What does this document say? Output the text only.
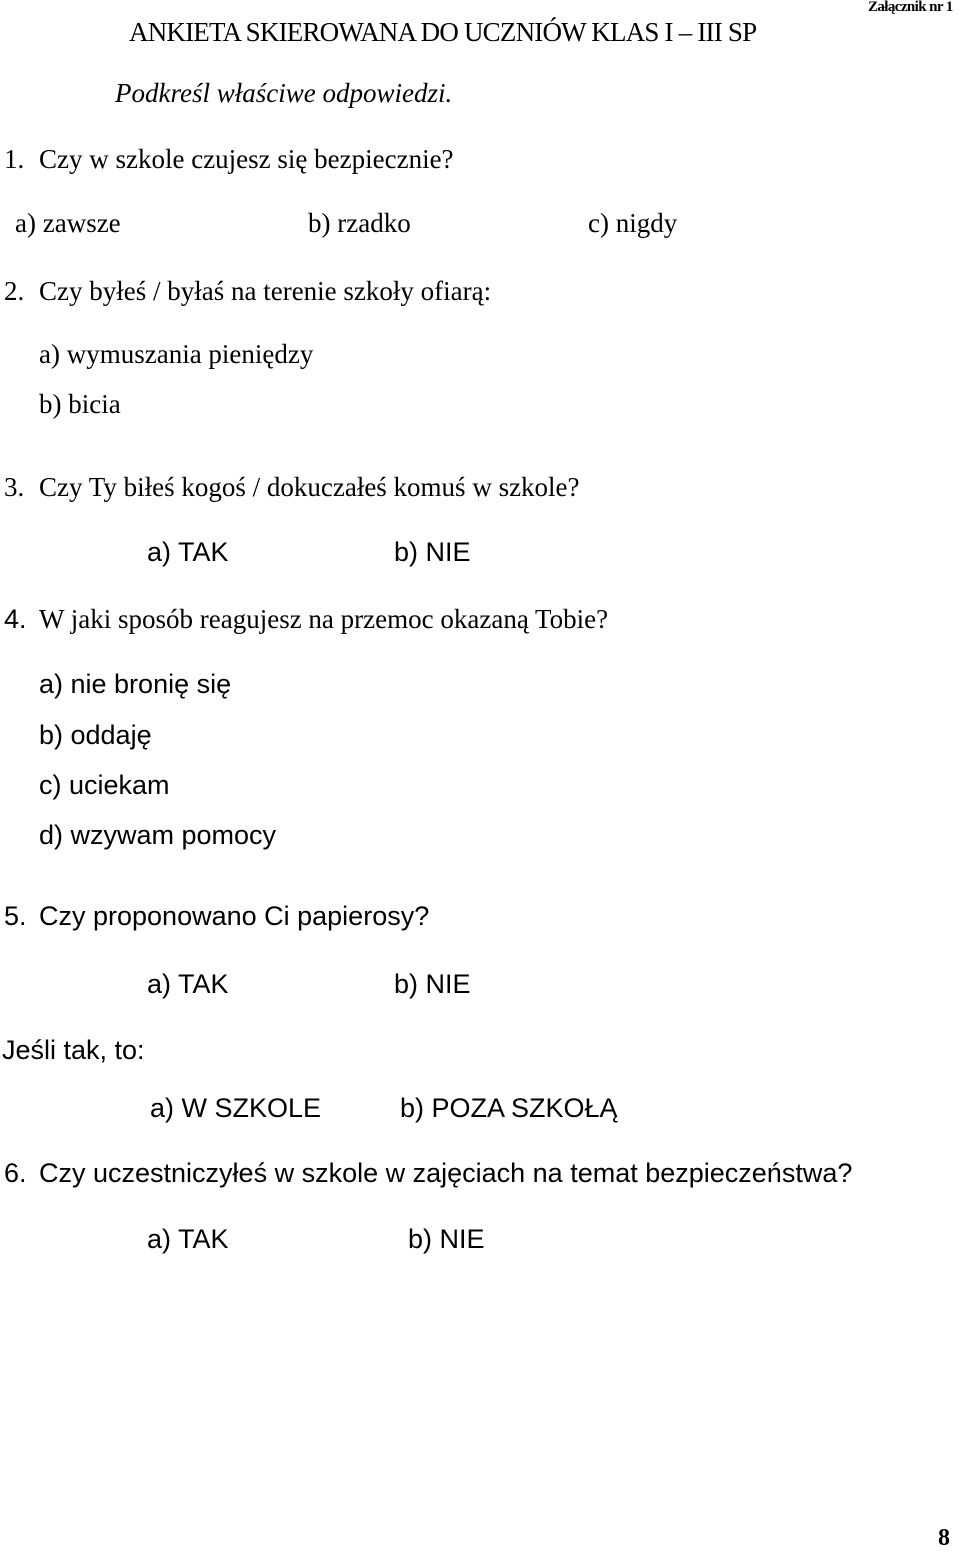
Załącznik nr 1
ANKIETA SKIEROWANA DO UCZNIÓW KLAS I – III SP
Podkreśl właściwe odpowiedzi.
1. Czy w szkole czujesz się bezpiecznie?
a) zawsze	b) rzadko	c) nigdy
2. Czy byłeś / byłaś na terenie szkoły ofiarą:
a) wymuszania pieniędzy
b) bicia
3. Czy Ty biłeś kogoś / dokuczałeś komuś w szkole?
a) TAK	b) NIE
4. W jaki sposób reagujesz na przemoc okazaną Tobie?
a) nie bronię się
b) oddaję
c) uciekam
d) wzywam pomocy
5. Czy proponowano Ci papierosy?
a) TAK	b) NIE
Jeśli tak, to:
a) W SZKOLE	b) POZA SZKOŁĄ
6. Czy uczestniczyłeś w szkole w zajęciach na temat bezpieczeństwa?
a) TAK	b) NIE
8
